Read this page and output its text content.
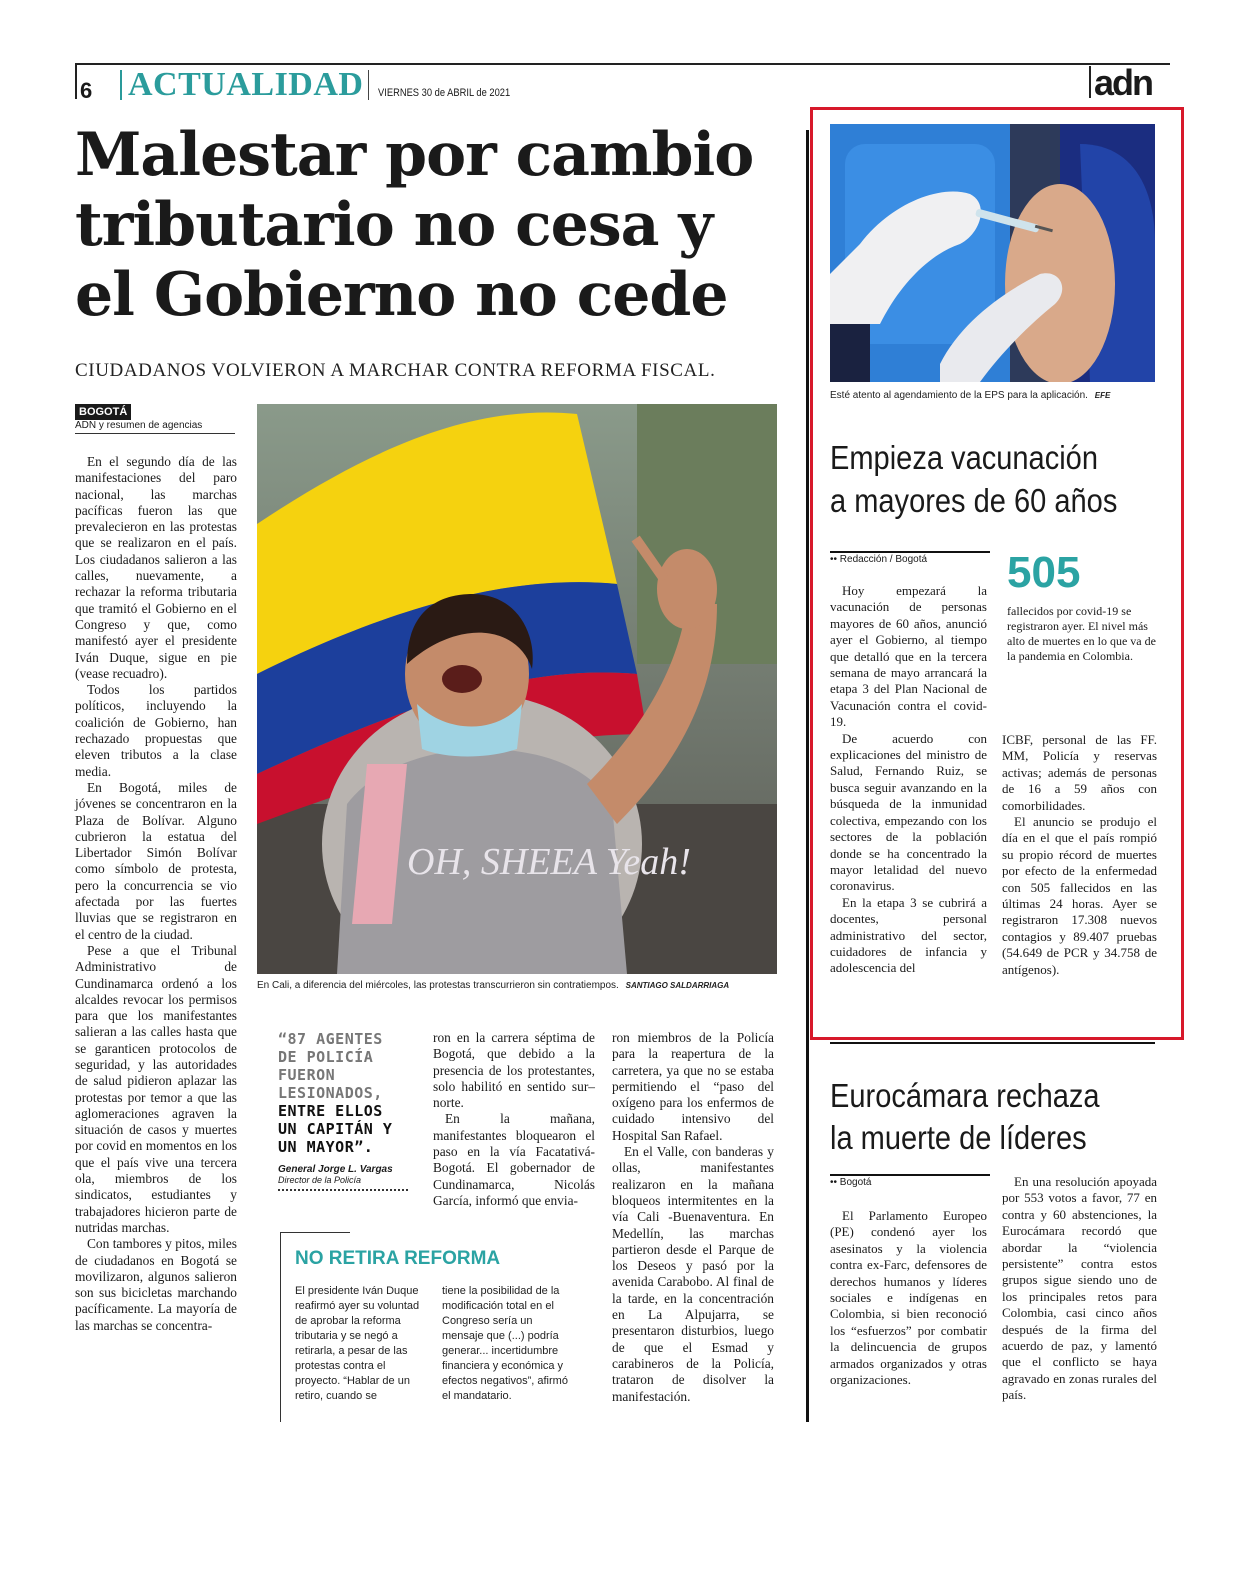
6 ACTUALIDAD VIERNES 30 de ABRIL de 2021	adn
Malestar por cambio tributario no cesa y el Gobierno no cede
CIUDADANOS VOLVIERON A MARCHAR CONTRA REFORMA FISCAL.
BOGOTÁ
ADN y resumen de agencias

En el segundo día de las manifestaciones del paro nacional, las marchas pacíficas fueron las que prevalecieron en las protestas que se realizaron en el país. Los ciudadanos salieron a las calles, nuevamente, a rechazar la reforma tributaria que tramitó el Gobierno en el Congreso y que, como manifestó ayer el presidente Iván Duque, sigue en pie (vease recuadro).

Todos los partidos políticos, incluyendo la coalición de Gobierno, han rechazado propuestas que eleven tributos a la clase media.

En Bogotá, miles de jóvenes se concentraron en la Plaza de Bolívar. Alguno cubrieron la estatua del Libertador Simón Bolívar como símbolo de protesta, pero la concurrencia se vio afectada por las fuertes lluvias que se registraron en el centro de la ciudad.

Pese a que el Tribunal Administrativo de Cundinamarca ordenó a los alcaldes revocar los permisos para que los manifestantes salieran a las calles hasta que se garanticen protocolos de seguridad, y las autoridades de salud pidieron aplazar las protestas por temor a que las aglomeraciones agraven la situación de casos y muertes por covid en momentos en los que el país vive una tercera ola, miembros de los sindicatos, estudiantes y trabajadores hicieron parte de nutridas marchas.

Con tambores y pitos, miles de ciudadanos en Bogotá se movilizaron, algunos salieron son sus bicicletas marchando pacíficamente. La mayoría de las marchas se concentra-

OH, SHEEA Yeah!
En Cali, a diferencia del miércoles, las protestas transcurrieron sin contratiempos. SANTIAGO SALDARRIAGA
“87 AGENTES DE POLICÍA FUERON LESIONADOS,
ENTRE ELLOS UN CAPITÁN Y UN MAYOR”.
General Jorge L. Vargas
Director de la Policía

ron en la carrera séptima de Bogotá, que debido a la presencia de los protestantes, solo habilitó en sentido sur–norte.

En la mañana, manifestantes bloquearon el paso en la vía Facatativá-Bogotá. El gobernador de Cundinamarca, Nicolás García, informó que envia-

ron miembros de la Policía para la reapertura de la carretera, ya que no se estaba permitiendo el “paso del oxígeno para los enfermos de cuidado intensivo del Hospital San Rafael.

En el Valle, con banderas y ollas, manifestantes realizaron en la mañana bloqueos intermitentes en la vía Cali -Buenaventura. En Medellín, las marchas partieron desde el Parque de los Deseos y pasó por la avenida Carabobo. Al final de la tarde, en la concentración en La Alpujarra, se presentaron disturbios, luego de que el Esmad y carabineros de la Policía, trataron de disolver la manifestación.

NO RETIRA REFORMA
El presidente Iván Duque reafirmó ayer su voluntad de aprobar la reforma tributaria y se negó a retirarla, a pesar de las protestas contra el proyecto. “Hablar de un retiro, cuando se
tiene la posibilidad de la modificación total en el Congreso sería un mensaje que (...) podría generar... incertidumbre financiera y económica y efectos negativos”, afirmó el mandatario.
Esté atento al agendamiento de la EPS para la aplicación. EFE
Empieza vacunación
a mayores de 60 años
•• Redacción / Bogotá	505
fallecidos por covid-19 se registraron ayer. El nivel más alto de muertes en lo que va de la pandemia en Colombia.

Hoy empezará la vacunación de personas mayores de 60 años, anunció ayer el Gobierno, al tiempo que detalló que en la tercera semana de mayo arrancará la etapa 3 del Plan Nacional de Vacunación contra el covid-19.

De acuerdo con explicaciones del ministro de Salud, Fernando Ruiz, se busca seguir avanzando en la búsqueda de la inmunidad colectiva, empezando con los sectores de la población donde se ha concentrado la mayor letalidad del nuevo coronavirus.

En la etapa 3 se cubrirá a docentes, personal administrativo del sector, cuidadores de infancia y adolescencia del

ICBF, personal de las FF. MM, Policía y reservas activas; además de personas de 16 a 59 años con comorbilidades.

El anuncio se produjo el día en el que el país rompió su propio récord de muertes por efecto de la enfermedad con 505 fallecidos en las últimas 24 horas. Ayer se registraron 17.308 nuevos contagios y 89.407 pruebas (54.649 de PCR y 34.758 de antígenos).

Eurocámara rechaza
la muerte de líderes
•• Bogotá

El Parlamento Europeo (PE) condenó ayer los asesinatos y la violencia contra ex-Farc, defensores de derechos humanos y líderes sociales e indígenas en Colombia, si bien reconoció los “esfuerzos” por combatir la delincuencia de grupos armados organizados y otras organizaciones.

En una resolución apoyada por 553 votos a favor, 77 en contra y 60 abstenciones, la Eurocámara recordó que abordar la “violencia persistente” contra estos grupos sigue siendo uno de los principales retos para Colombia, casi cinco años después de la firma del acuerdo de paz, y lamentó que el conflicto se haya agravado en zonas rurales del país.
